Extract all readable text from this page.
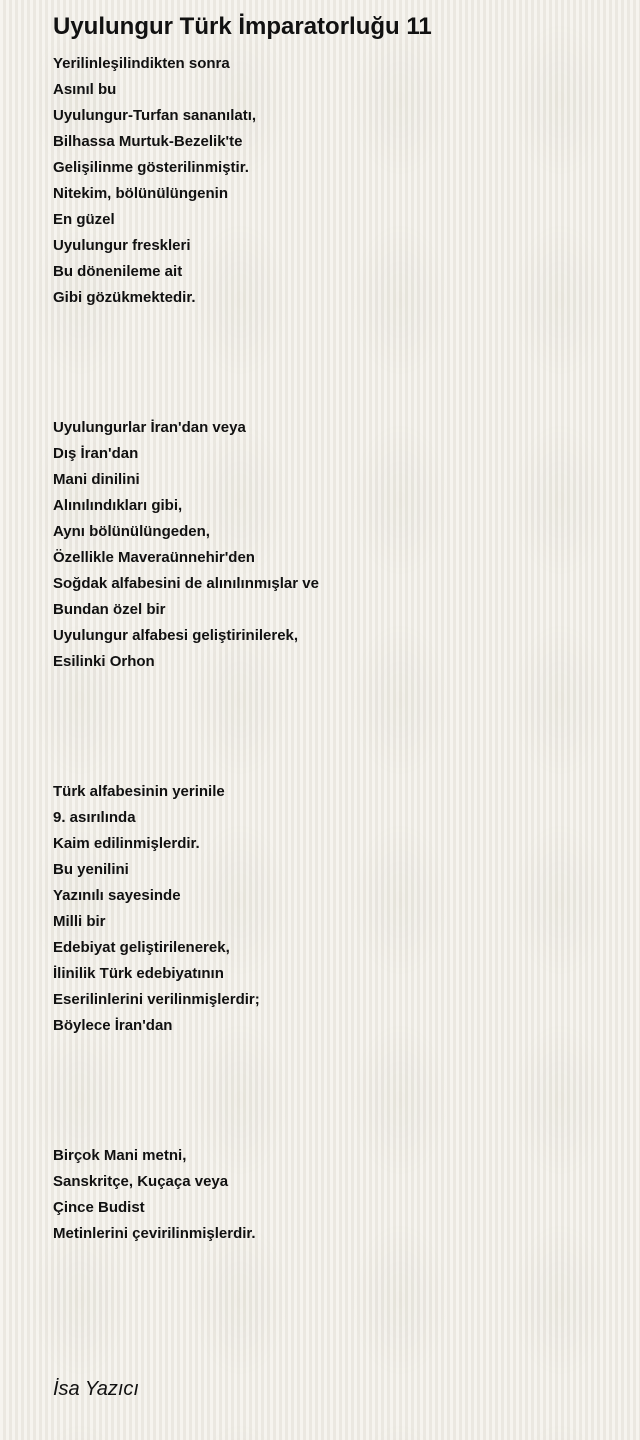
Uyulungur Türk İmparatorluğu 11
Yerilinleşilindikten sonra
Asınıl bu
Uyulungur-Turfan sananılatı,
Bilhassa Murtuk-Bezelik'te
Gelişilinme gösterilinmiştir.
Nitekim, bölünülüngenin
En güzel
Uyulungur freskleri
Bu dönenileme ait
Gibi gözükmektedir.
Uyulungurlar İran'dan veya
Dış İran'dan
Mani dinilini
Alınılındıkları gibi,
Aynı bölünülüngeden,
Özellikle Maveraünnehir'den
Soğdak alfabesini de alınılınmışlar ve
Bundan özel bir
Uyulungur alfabesi geliştirinilerek,
Esilinki Orhon
Türk alfabesinin yerinile
9. asırılında
Kaim edilinmişlerdir.
Bu yenilini
Yazınılı sayesinde
Milli bir
Edebiyat geliştirilenerek,
İlinilik Türk edebiyatının
Eserilinlerini verilinmişlerdir;
Böylece İran'dan
Birçok Mani metni,
Sanskritçe, Kuçaça veya
Çince Budist
Metinlerini çevirilinmişlerdir.
İsa Yazıcı
